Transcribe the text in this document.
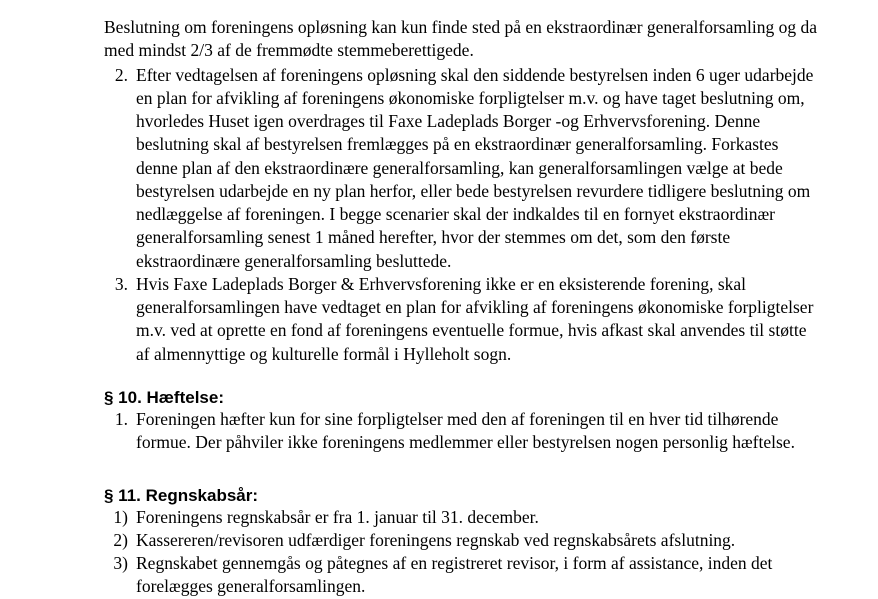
Beslutning om foreningens opløsning kan kun finde sted på en ekstraordinær generalforsamling og da med mindst 2/3 af de fremmødte stemmeberettigede.

2. Efter vedtagelsen af foreningens opløsning skal den siddende bestyrelsen inden 6 uger udarbejde en plan for afvikling af foreningens økonomiske forpligtelser m.v. og have taget beslutning om, hvorledes Huset igen overdrages til Faxe Ladeplads Borger -og Erhvervsforening. Denne beslutning skal af bestyrelsen fremlægges på en ekstraordinær generalforsamling. Forkastes denne plan af den ekstraordinære generalforsamling, kan generalforsamlingen vælge at bede bestyrelsen udarbejde en ny plan herfor, eller bede bestyrelsen revurdere tidligere beslutning om nedlæggelse af foreningen. I begge scenarier skal der indkaldes til en fornyet ekstraordinær generalforsamling senest 1 måned herefter, hvor der stemmes om det, som den første ekstraordinære generalforsamling besluttede.
3. Hvis Faxe Ladeplads Borger & Erhvervsforening ikke er en eksisterende forening, skal generalforsamlingen have vedtaget en plan for afvikling af foreningens økonomiske forpligtelser m.v. ved at oprette en fond af foreningens eventuelle formue, hvis afkast skal anvendes til støtte af almennyttige og kulturelle formål i Hylleholt sogn.
§ 10. Hæftelse:
1. Foreningen hæfter kun for sine forpligtelser med den af foreningen til en hver tid tilhørende formue. Der påhviler ikke foreningens medlemmer eller bestyrelsen nogen personlig hæftelse.
§ 11. Regnskabsår:
1) Foreningens regnskabsår er fra 1. januar til 31. december.
2) Kassereren/revisoren udfærdiger foreningens regnskab ved regnskabsårets afslutning.
3) Regnskabet gennemgås og påtegnes af en registreret revisor, i form af assistance, inden det forelægges generalforsamlingen.
